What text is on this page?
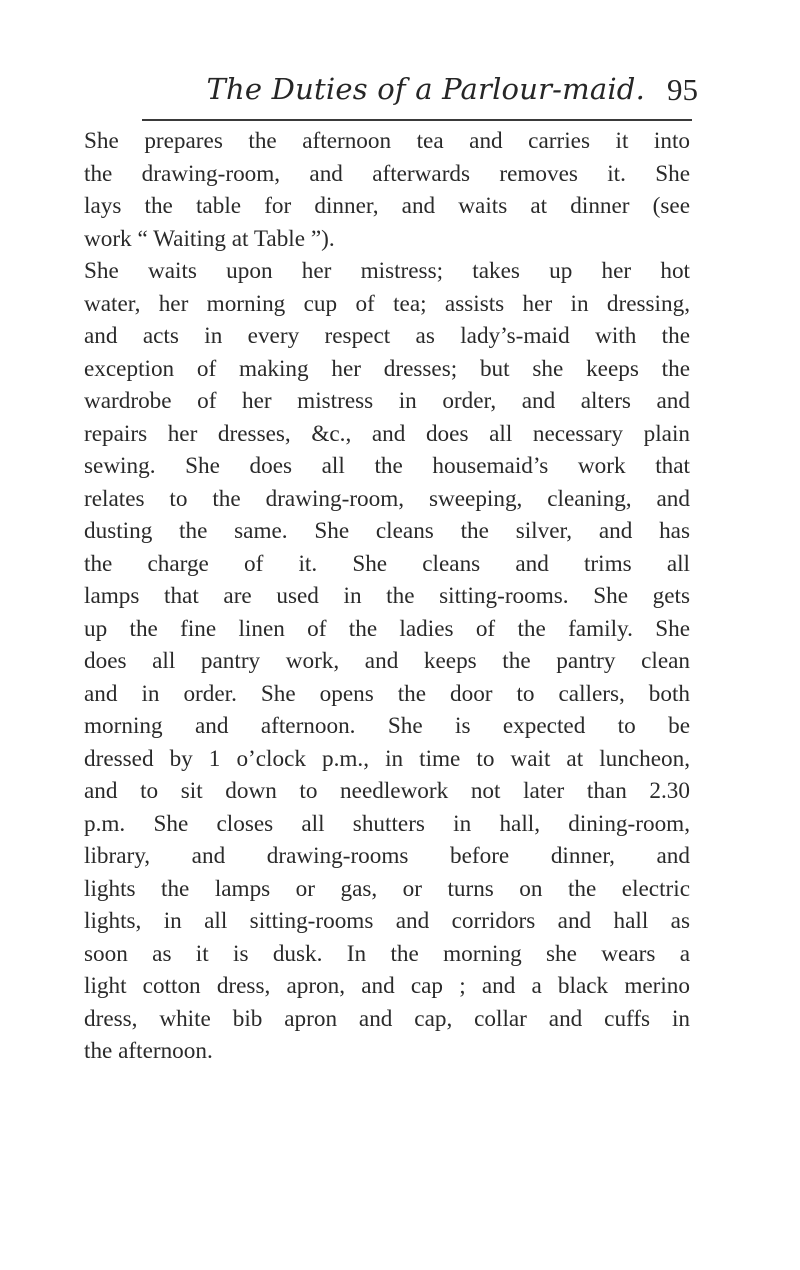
The Duties of a Parlour-maid. 95
She prepares the afternoon tea and carries it into
the drawing-room, and afterwards removes it. She
lays the table for dinner, and waits at dinner (see
work “ Waiting at Table ”).
She waits upon her mistress; takes up her hot
water, her morning cup of tea; assists her in dressing,
and acts in every respect as lady’s-maid with the
exception of making her dresses; but she keeps the
wardrobe of her mistress in order, and alters and
repairs her dresses, &c., and does all necessary plain
sewing. She does all the housemaid’s work that
relates to the drawing-room, sweeping, cleaning, and
dusting the same. She cleans the silver, and has
the charge of it. She cleans and trims all
lamps that are used in the sitting-rooms. She gets
up the fine linen of the ladies of the family. She
does all pantry work, and keeps the pantry clean
and in order. She opens the door to callers, both
morning and afternoon. She is expected to be
dressed by 1 o’clock p.m., in time to wait at luncheon,
and to sit down to needlework not later than 2.30
p.m. She closes all shutters in hall, dining-room,
library, and drawing-rooms before dinner, and
lights the lamps or gas, or turns on the electric
lights, in all sitting-rooms and corridors and hall as
soon as it is dusk. In the morning she wears a
light cotton dress, apron, and cap ; and a black merino
dress, white bib apron and cap, collar and cuffs in
the afternoon.
